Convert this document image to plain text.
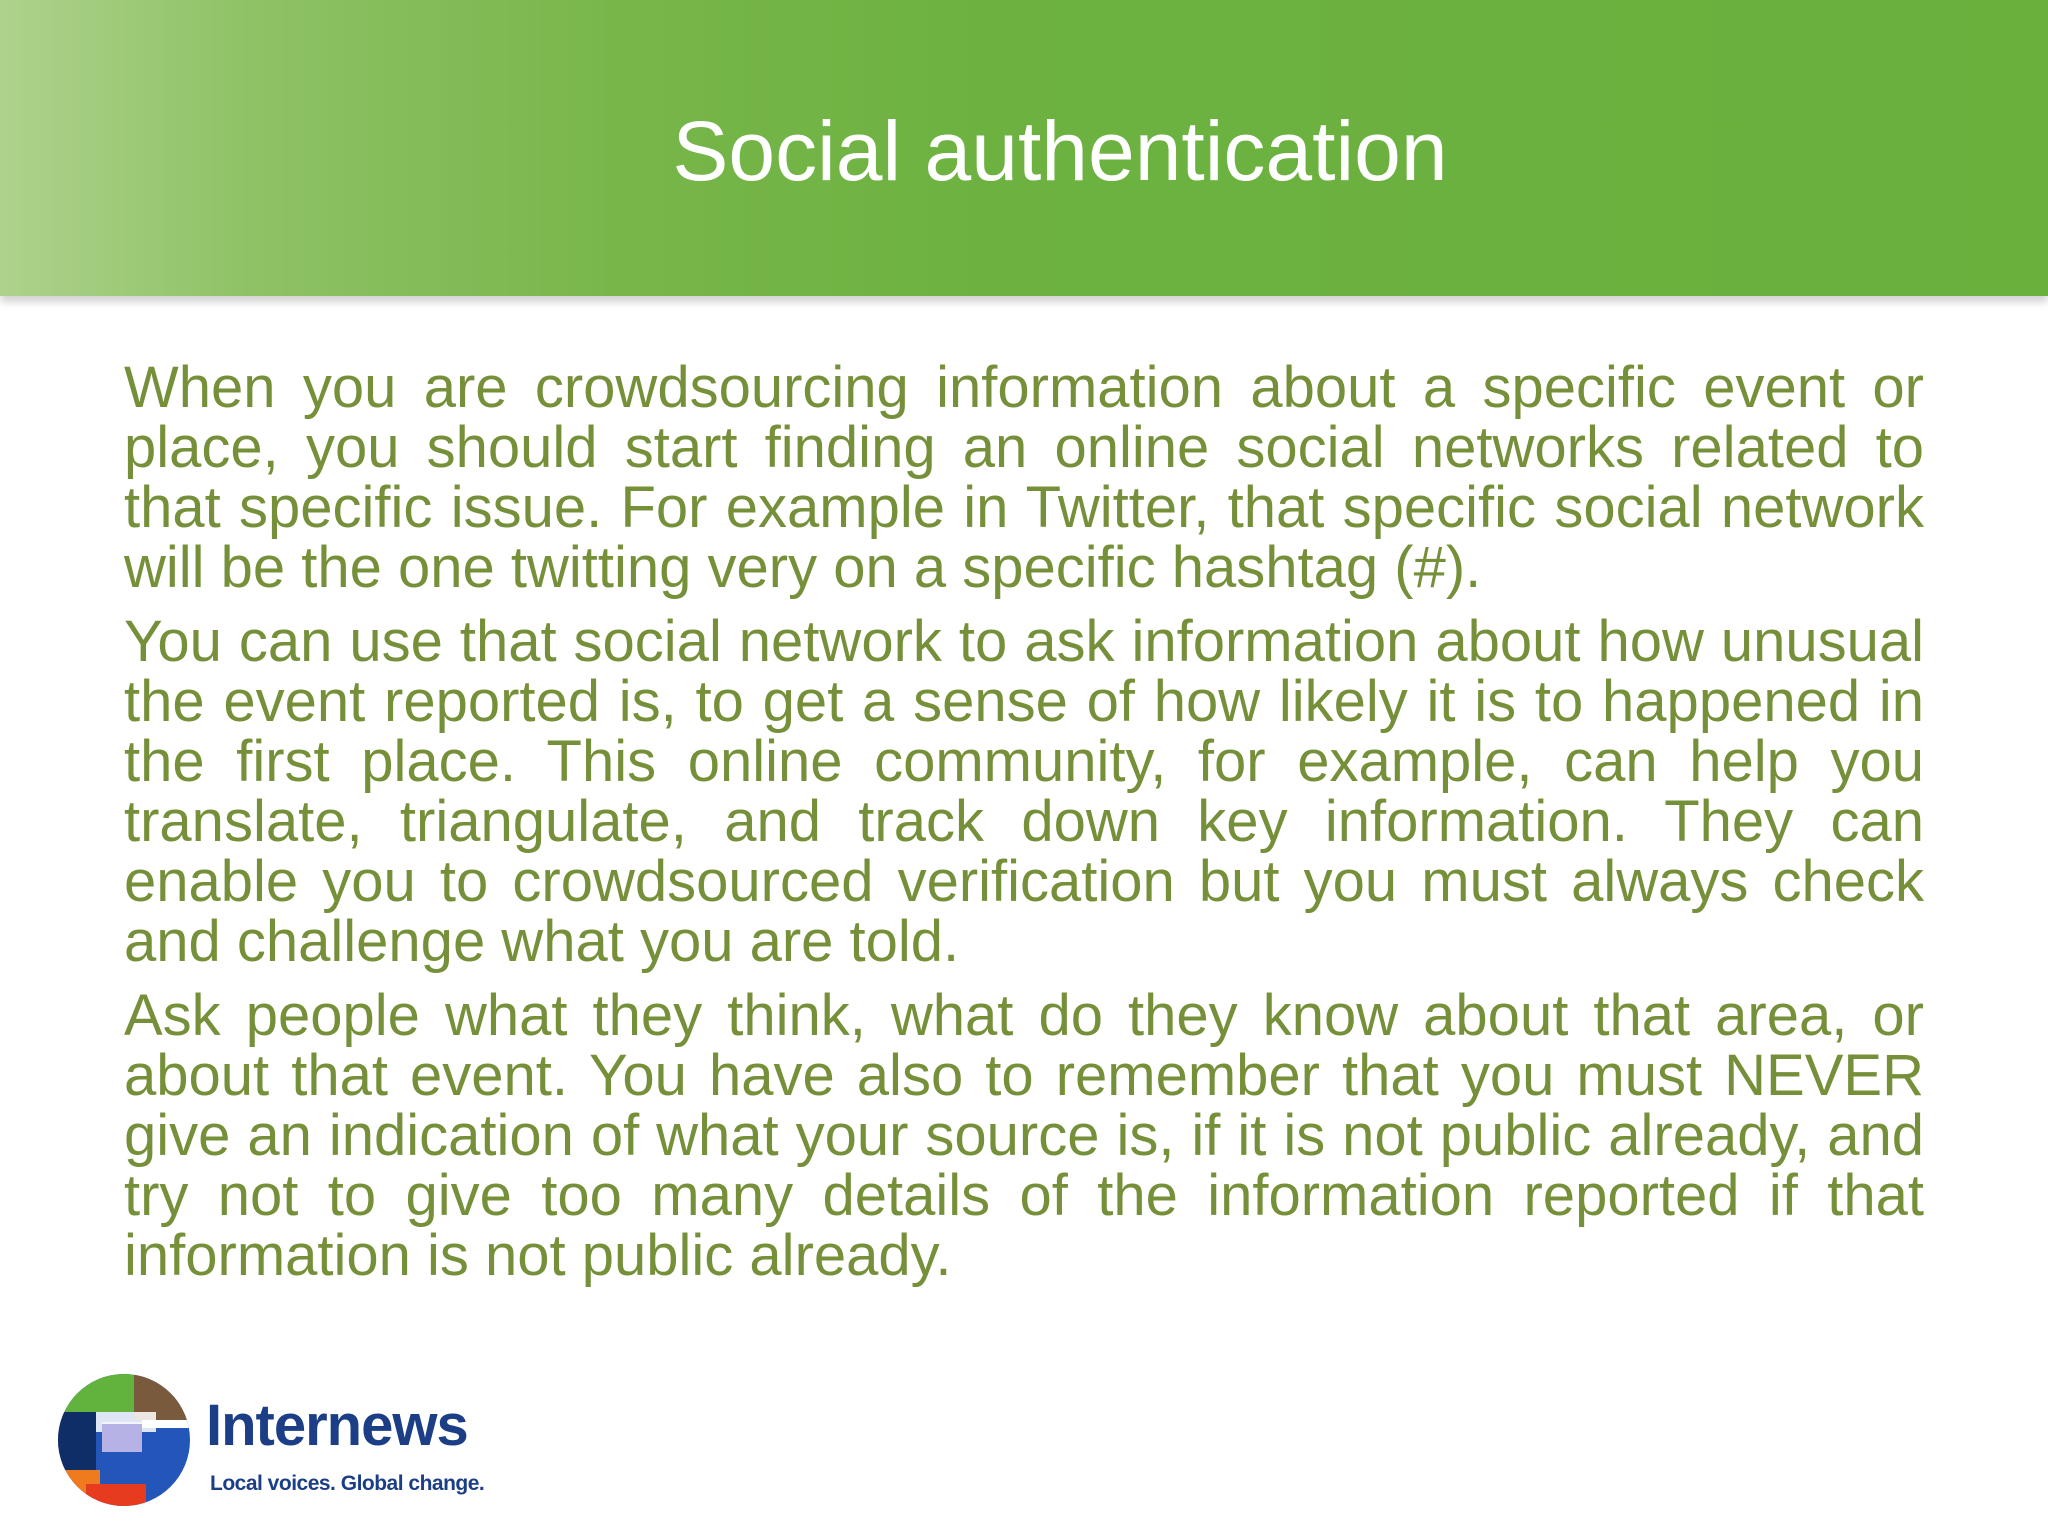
Social authentication

When you are crowdsourcing information about a specific event or place, you should start finding an online social networks related to that specific issue. For example in Twitter, that specific social network will be the one twitting very on a specific hashtag (#).

You can use that social network to ask information about how unusual the event reported is, to get a sense of how likely it is to happened in the first place. This online community, for example, can help you translate, triangulate, and track down key information. They can enable you to crowdsourced verification but you must always check and challenge what you are told.

Ask people what they think, what do they know about that area, or about that event. You have also to remember that you must NEVER give an indication of what your source is, if it is not public already, and try not to give too many details of the information reported if that information is not public already.

Internews
Local voices. Global change.
